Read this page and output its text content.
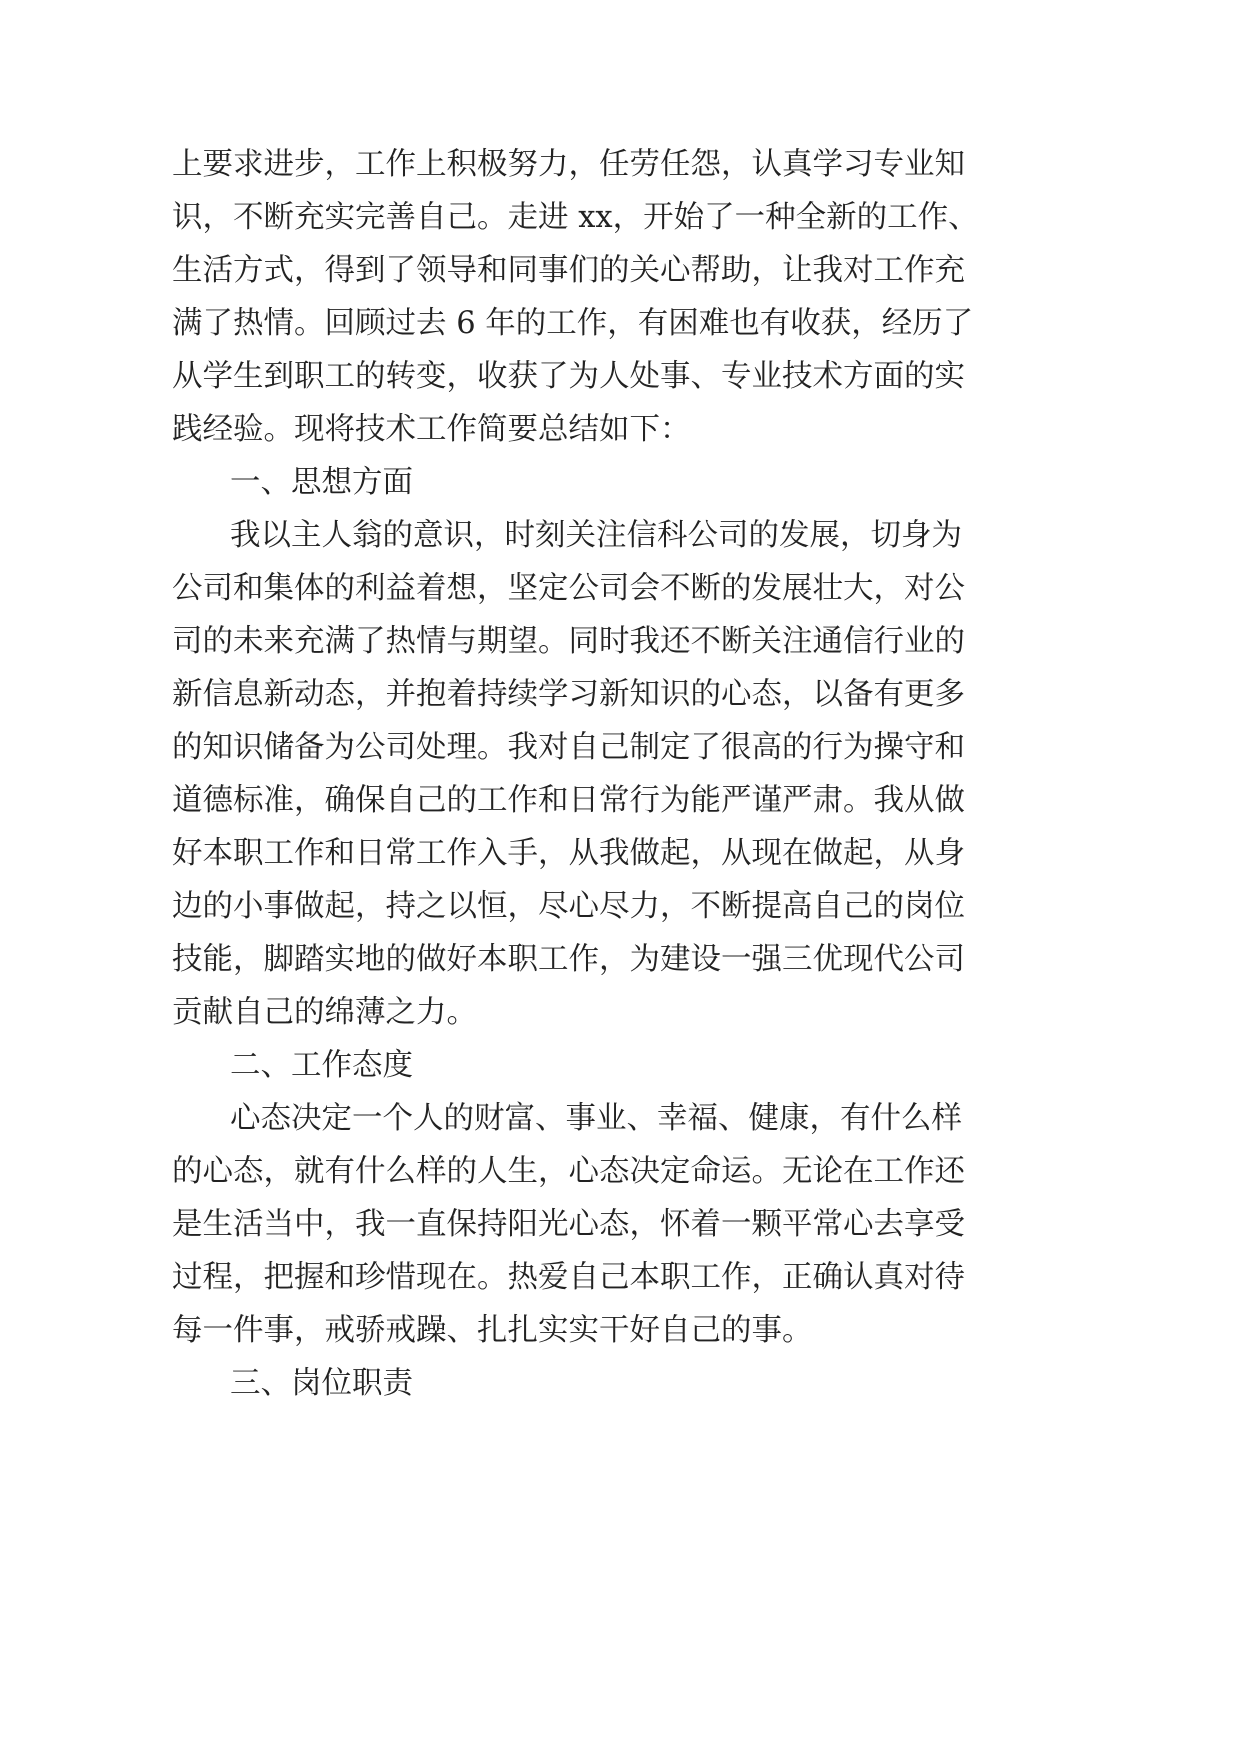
上要求进步，工作上积极努力，任劳任怨，认真学习专业知
识，不断充实完善自己。走进 xx，开始了一种全新的工作、
生活方式，得到了领导和同事们的关心帮助，让我对工作充
满了热情。回顾过去 6 年的工作，有困难也有收获，经历了
从学生到职工的转变，收获了为人处事、专业技术方面的实
践经验。现将技术工作简要总结如下：
一、思想方面
我以主人翁的意识，时刻关注信科公司的发展，切身为
公司和集体的利益着想，坚定公司会不断的发展壮大，对公
司的未来充满了热情与期望。同时我还不断关注通信行业的
新信息新动态，并抱着持续学习新知识的心态，以备有更多
的知识储备为公司处理。我对自己制定了很高的行为操守和
道德标准，确保自己的工作和日常行为能严谨严肃。我从做
好本职工作和日常工作入手，从我做起，从现在做起，从身
边的小事做起，持之以恒，尽心尽力，不断提高自己的岗位
技能，脚踏实地的做好本职工作，为建设一强三优现代公司
贡献自己的绵薄之力。
二、工作态度
心态决定一个人的财富、事业、幸福、健康，有什么样
的心态，就有什么样的人生，心态决定命运。无论在工作还
是生活当中，我一直保持阳光心态，怀着一颗平常心去享受
过程，把握和珍惜现在。热爱自己本职工作，正确认真对待
每一件事，戒骄戒躁、扎扎实实干好自己的事。
三、岗位职责
